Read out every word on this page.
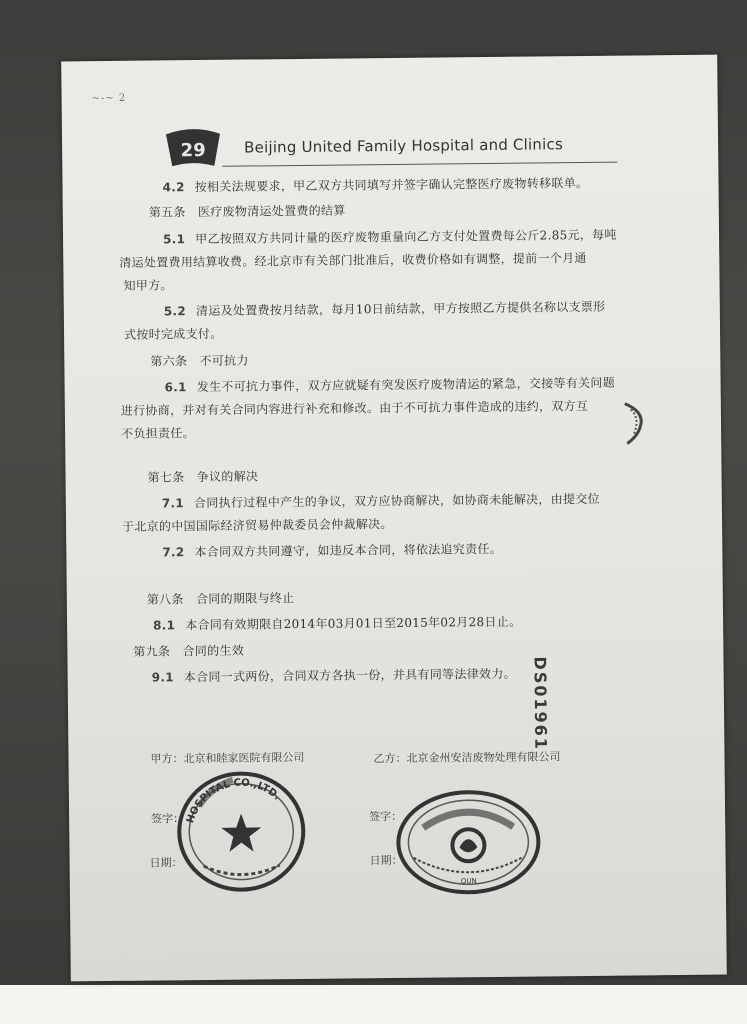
~-~ 2
29	Beijing United Family Hospital and Clinics
4.2 按相关法规要求，甲乙双方共同填写并签字确认完整医疗废物转移联单。
第五条　医疗废物清运处置费的结算
5.1 甲乙按照双方共同计量的医疗废物重量向乙方支付处置费每公斤2.85元，每吨
清运处置费用结算收费。经北京市有关部门批准后，收费价格如有调整，提前一个月通
知甲方。
5.2 清运及处置费按月结款，每月10日前结款，甲方按照乙方提供名称以支票形
式按时完成支付。
第六条　不可抗力
6.1 发生不可抗力事件，双方应就疑有突发医疗废物清运的紧急，交接等有关问题
进行协商，并对有关合同内容进行补充和修改。由于不可抗力事件造成的违约，双方互
不负担责任。
第七条　争议的解决
7.1 合同执行过程中产生的争议，双方应协商解决，如协商未能解决，由提交位
于北京的中国国际经济贸易仲裁委员会仲裁解决。
7.2 本合同双方共同遵守，如违反本合同，将依法追究责任。
第八条　合同的期限与终止
8.1 本合同有效期限自2014年03月01日至2015年02月28日止。
第九条　合同的生效
9.1 本合同一式两份，合同双方各执一份，并具有同等法律效力。 DS01961
甲方：北京和睦家医院有限公司	乙方：北京金州安洁废物处理有限公司
签字：	签字：
日期：	日期：
HOSPITAL CO.,LTD.
OUN
